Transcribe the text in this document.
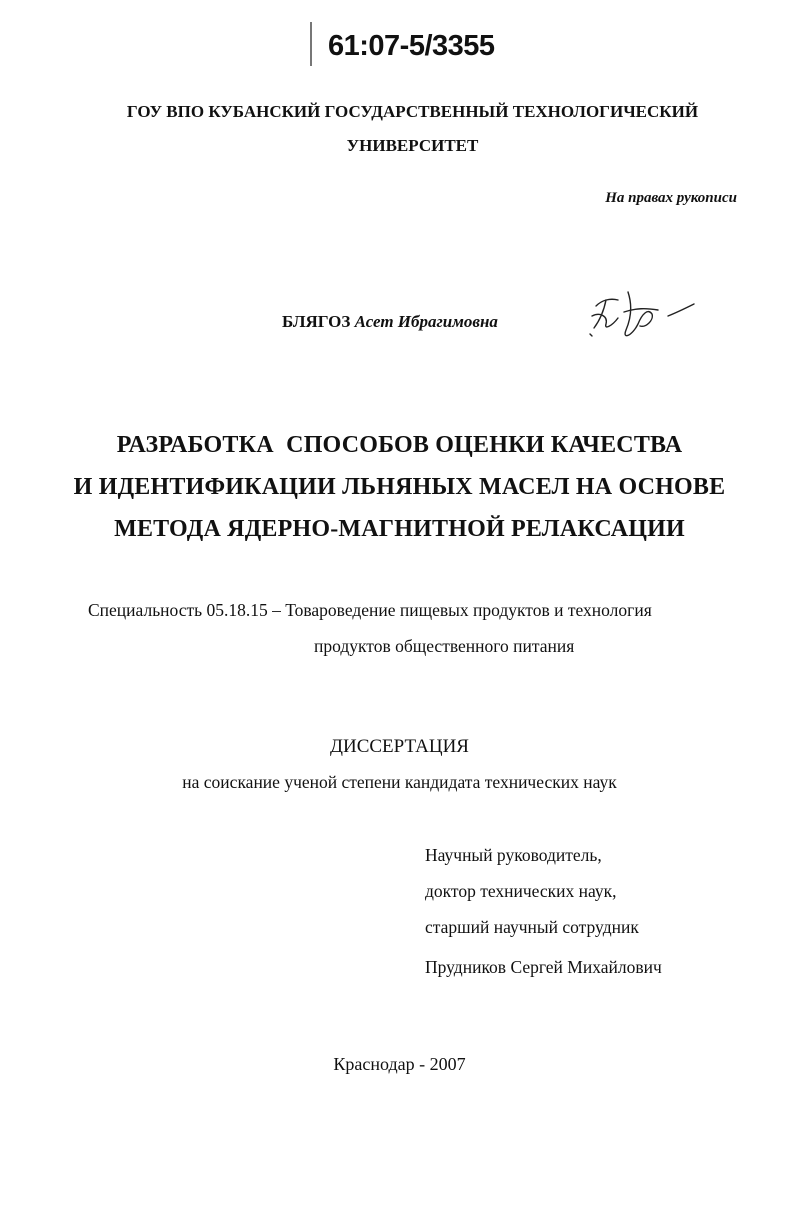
61:07-5/3355
ГОУ ВПО КУБАНСКИЙ ГОСУДАРСТВЕННЫЙ ТЕХНОЛОГИЧЕСКИЙ
УНИВЕРСИТЕТ
На правах рукописи
БЛЯГОЗ Асет Ибрагимовна
РАЗРАБОТКА  СПОСОБОВ ОЦЕНКИ КАЧЕСТВА
И ИДЕНТИФИКАЦИИ ЛЬНЯНЫХ МАСЕЛ НА ОСНОВЕ
МЕТОДА ЯДЕРНО-МАГНИТНОЙ РЕЛАКСАЦИИ
Специальность 05.18.15 – Товароведение пищевых продуктов и технология
продуктов общественного питания
ДИССЕРТАЦИЯ
на соискание ученой степени кандидата технических наук
Научный руководитель,
доктор технических наук,
старший научный сотрудник
Прудников Сергей Михайлович
Краснодар - 2007
